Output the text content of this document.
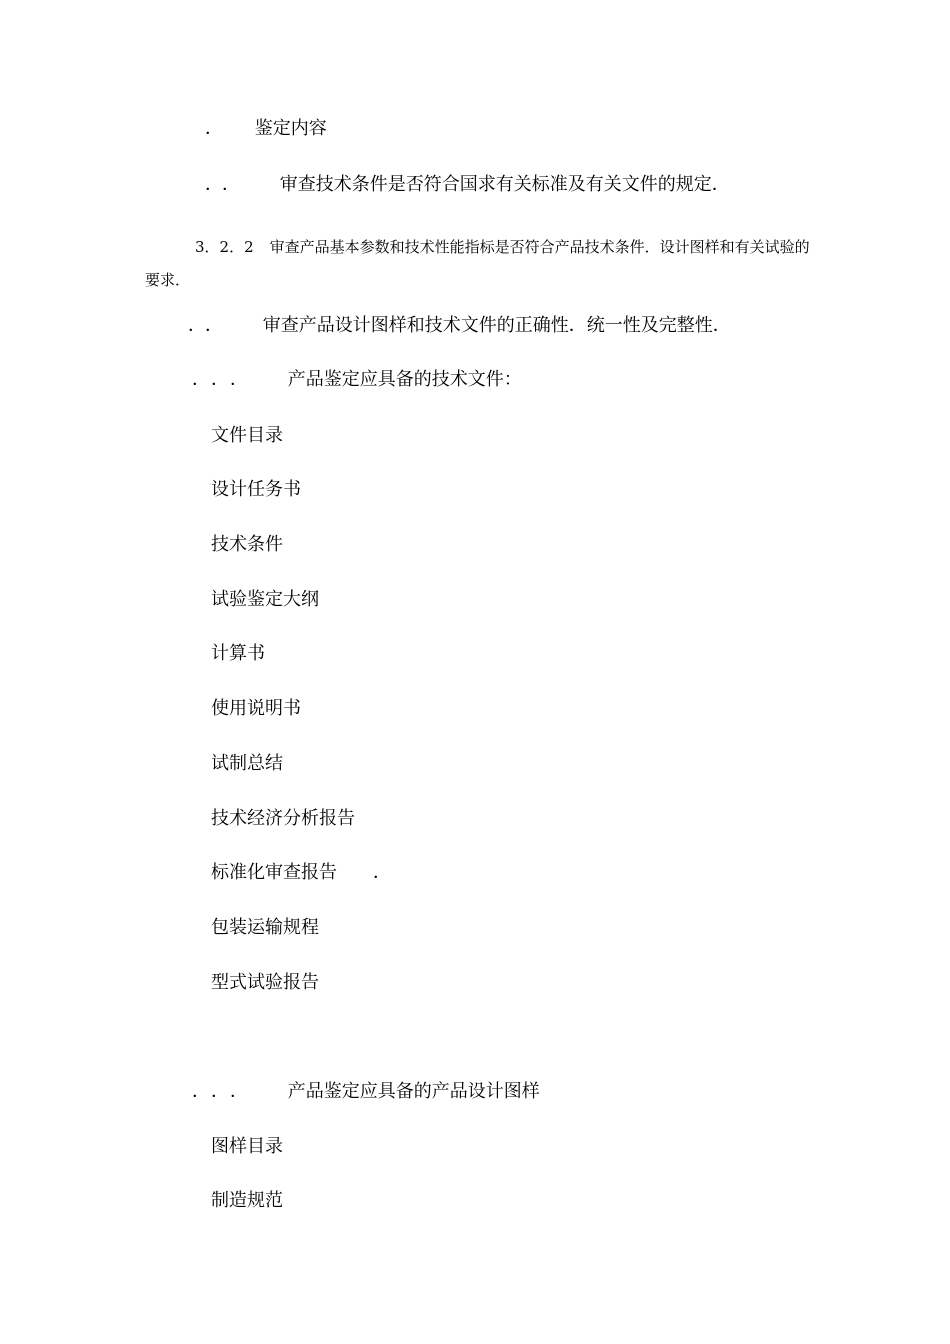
． 鉴定内容
．． 审查技术条件是否符合国求有关标准及有关文件的规定．
3．2．2 审查产品基本参数和技术性能指标是否符合产品技术条件．设计图样和有关试验的要求．
．． 审查产品设计图样和技术文件的正确性．统一性及完整性．
．．． 产品鉴定应具备的技术文件：
文件目录
设计任务书
技术条件
试验鉴定大纲
计算书
使用说明书
试制总结
技术经济分析报告
标准化审查报告 ．
包装运输规程
型式试验报告
．．． 产品鉴定应具备的产品设计图样
图样目录
制造规范
